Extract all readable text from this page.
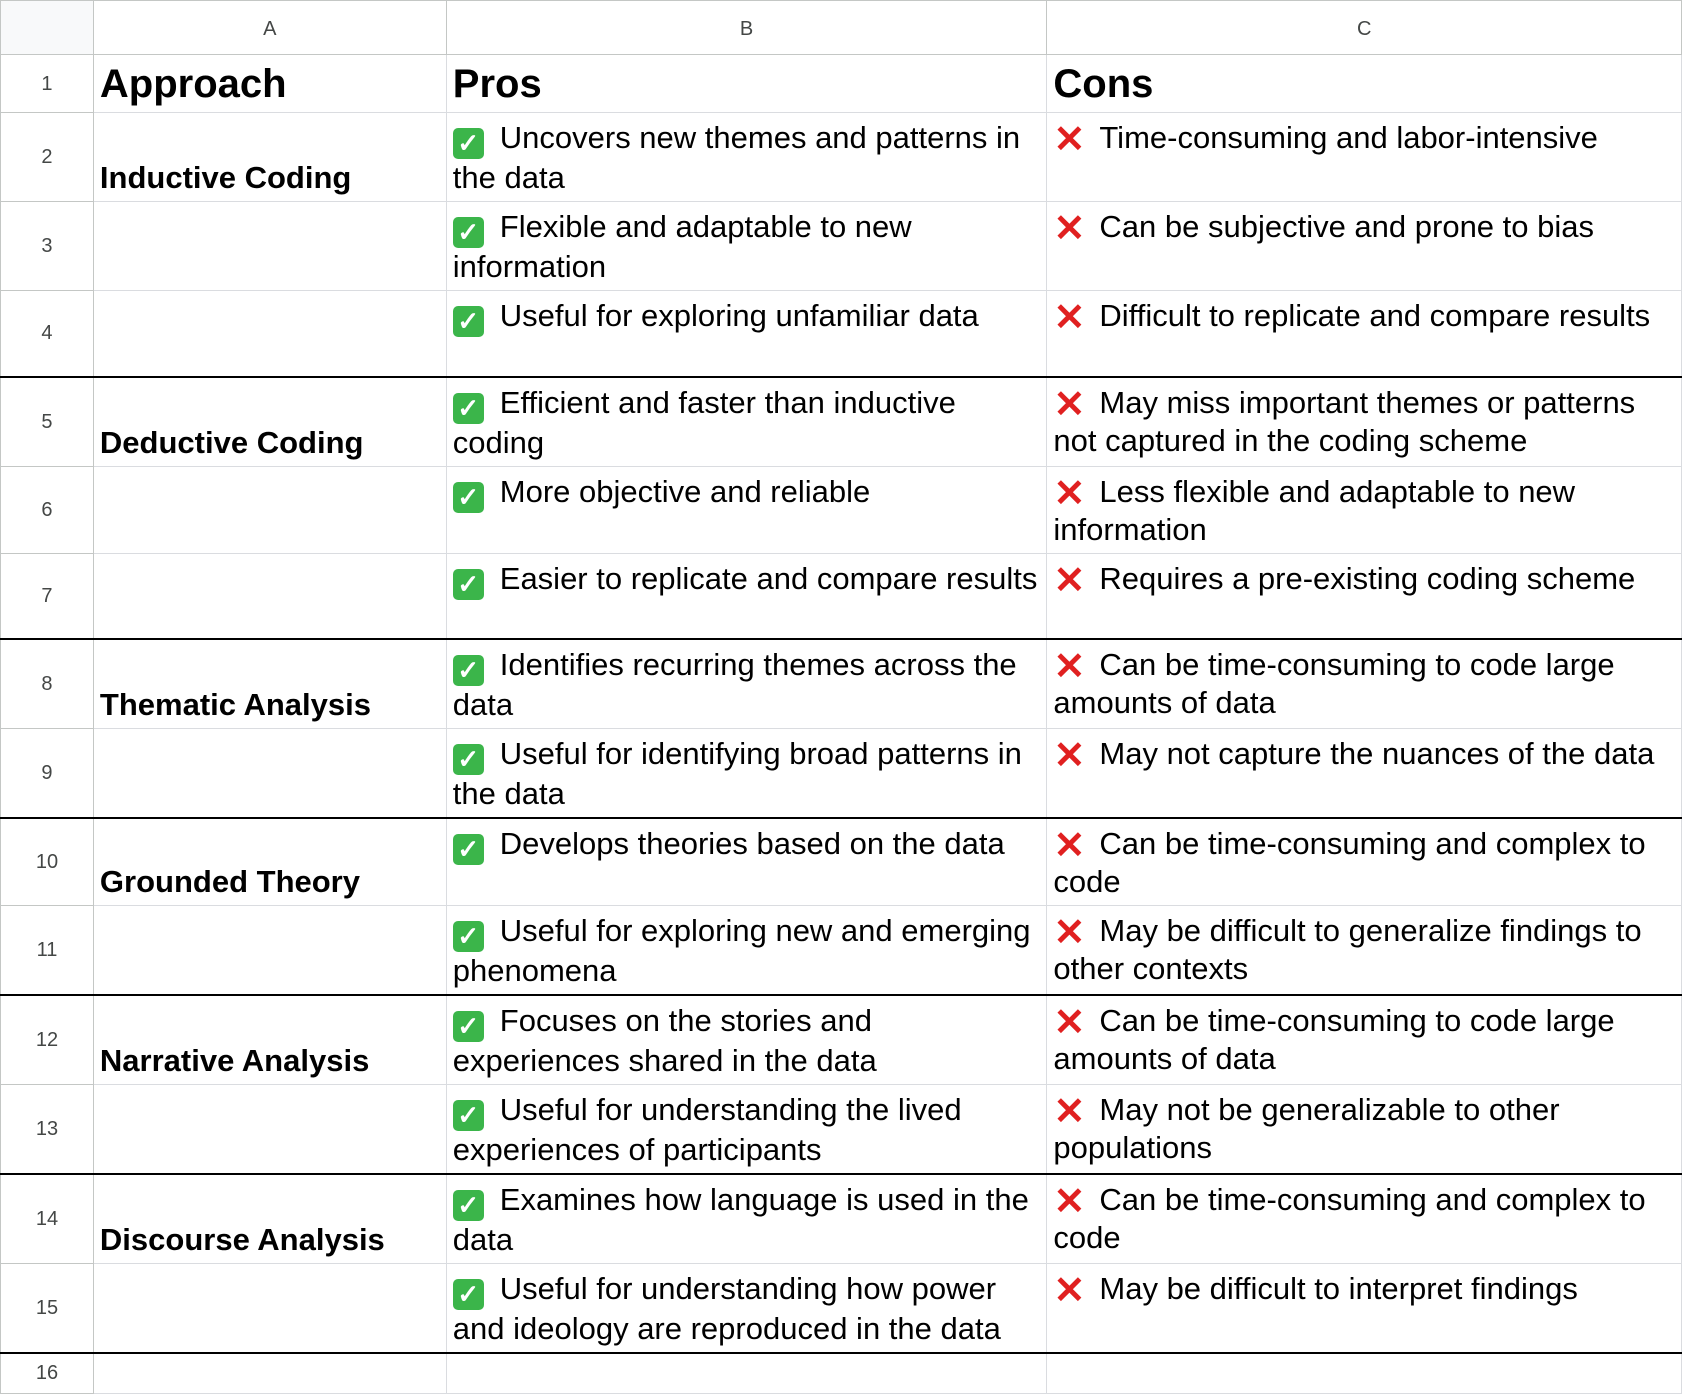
	A	B	C
1	Approach	Pros	Cons
2	Inductive Coding	✓ Uncovers new themes and patterns in the data	✕ Time-consuming and labor-intensive
3		✓ Flexible and adaptable to new information	✕ Can be subjective and prone to bias
4		✓ Useful for exploring unfamiliar data	✕ Difficult to replicate and compare results
5	Deductive Coding	✓ Efficient and faster than inductive coding	✕ May miss important themes or patterns not captured in the coding scheme
6		✓ More objective and reliable	✕ Less flexible and adaptable to new information
7		✓ Easier to replicate and compare results	✕ Requires a pre-existing coding scheme
8	Thematic Analysis	✓ Identifies recurring themes across the data	✕ Can be time-consuming to code large amounts of data
9		✓ Useful for identifying broad patterns in the data	✕ May not capture the nuances of the data
10	Grounded Theory	✓ Develops theories based on the data	✕ Can be time-consuming and complex to code
11		✓ Useful for exploring new and emerging phenomena	✕ May be difficult to generalize findings to other contexts
12	Narrative Analysis	✓ Focuses on the stories and experiences shared in the data	✕ Can be time-consuming to code large amounts of data
13		✓ Useful for understanding the lived experiences of participants	✕ May not be generalizable to other populations
14	Discourse Analysis	✓ Examines how language is used in the data	✕ Can be time-consuming and complex to code
15		✓ Useful for understanding how power and ideology are reproduced in the data	✕ May be difficult to interpret findings
16			
